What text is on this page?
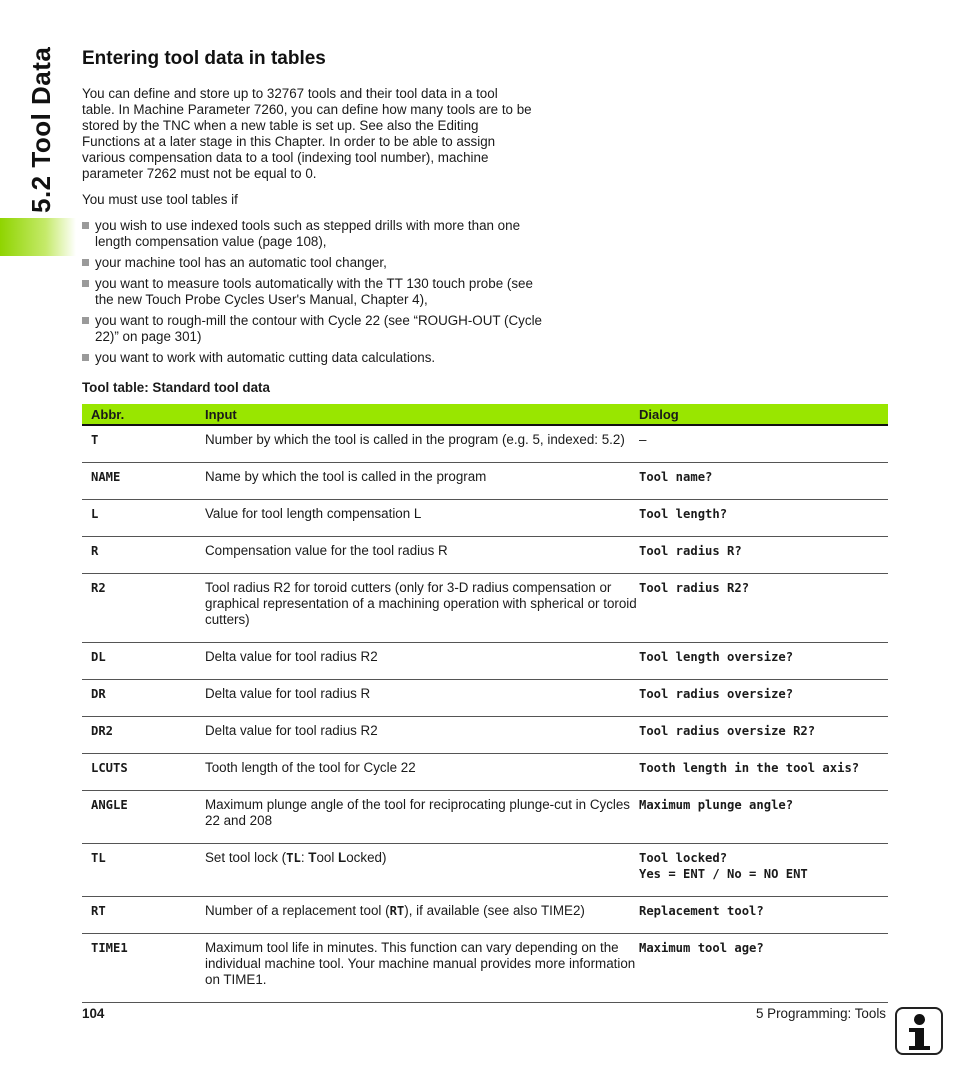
5.2 Tool Data Entering tool data in tables

You can define and store up to 32767 tools and their tool data in a tool table. In Machine Parameter 7260, you can define how many tools are to be stored by the TNC when a new table is set up. See also the Editing Functions at a later stage in this Chapter. In order to be able to assign various compensation data to a tool (indexing tool number), machine parameter 7262 must not be equal to 0.

You must use tool tables if

you wish to use indexed tools such as stepped drills with more than one length compensation value (page 108),
your machine tool has an automatic tool changer,
you want to measure tools automatically with the TT 130 touch probe (see the new Touch Probe Cycles User's Manual, Chapter 4),
you want to rough-mill the contour with Cycle 22 (see “ROUGH-OUT (Cycle 22)” on page 301)
you want to work with automatic cutting data calculations.

Tool table: Standard tool data

Abbr.	Input	Dialog
T	Number by which the tool is called in the program (e.g. 5, indexed: 5.2)	–
NAME	Name by which the tool is called in the program	Tool name?

L	Value for tool length compensation L	Tool length?

R	Compensation value for the tool radius R	Tool radius R?

R2	Tool radius R2 for toroid cutters (only for 3-D radius compensation or graphical representation of a machining operation with spherical or toroid cutters)	Tool radius R2?

DL	Delta value for tool radius R2	Tool length oversize?

DR	Delta value for tool radius R	Tool radius oversize?

DR2	Delta value for tool radius R2	Tool radius oversize R2?

LCUTS	Tooth length of the tool for Cycle 22	Tooth length in the tool axis?

ANGLE	Maximum plunge angle of the tool for reciprocating plunge-cut in Cycles 22 and 208	Maximum plunge angle?

TL	Set tool lock (TL: Tool Locked)	Tool locked?
Yes = ENT / No = NO ENT

RT	Number of a replacement tool (RT), if available (see also TIME2)	Replacement tool?

TIME1	Maximum tool life in minutes. This function can vary depending on the individual machine tool. Your machine manual provides more information on TIME1.	Maximum tool age?
104	5 Programming: Tools
